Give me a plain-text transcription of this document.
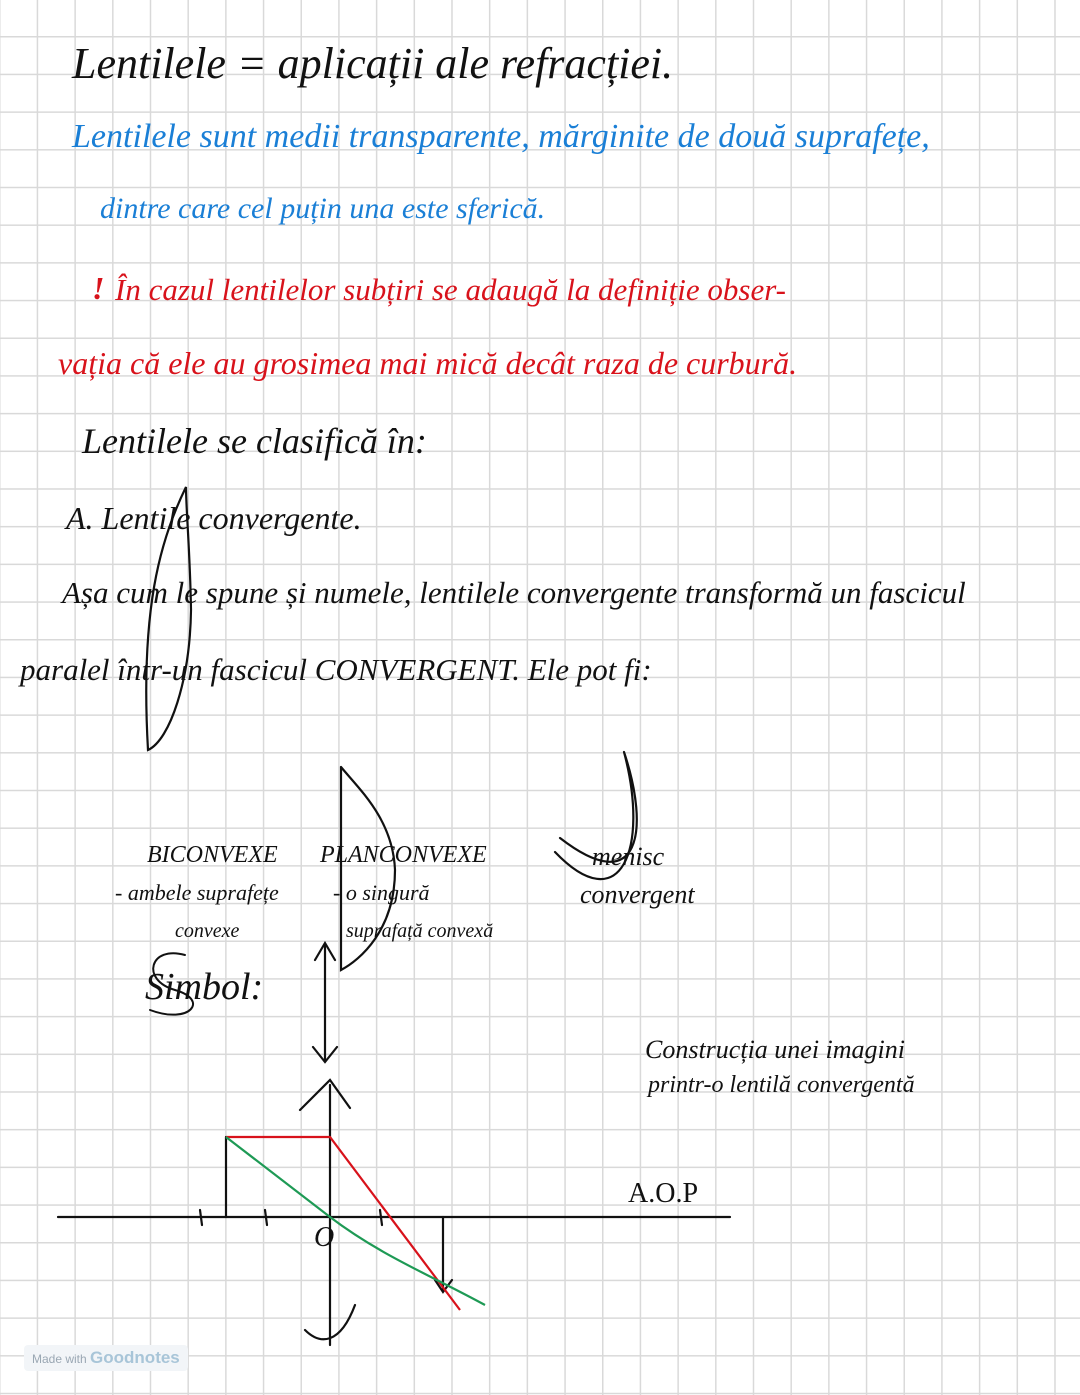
Lentilele = aplicații ale refracției.
Lentilele sunt medii transparente, mărginite de două suprafețe,
dintre care cel puțin una este sferică.
! În cazul lentilelor subțiri se adaugă la definiție obser-
vația că ele au grosimea mai mică decât raza de curbură.
Lentilele se clasifică în:
A. Lentile convergente.
Așa cum le spune și numele, lentilele convergente transformă un fascicul
paralel într-un fascicul CONVERGENT. Ele pot fi:
BICONVEXE
- ambele suprafețe
convexe
PLANCONVEXE
- o singură
suprafață convexă
menisc
convergent
Simbol:
Construcția unei imagini
printr-o lentilă convergentă
A.O.P
O
Made with Goodnotes
